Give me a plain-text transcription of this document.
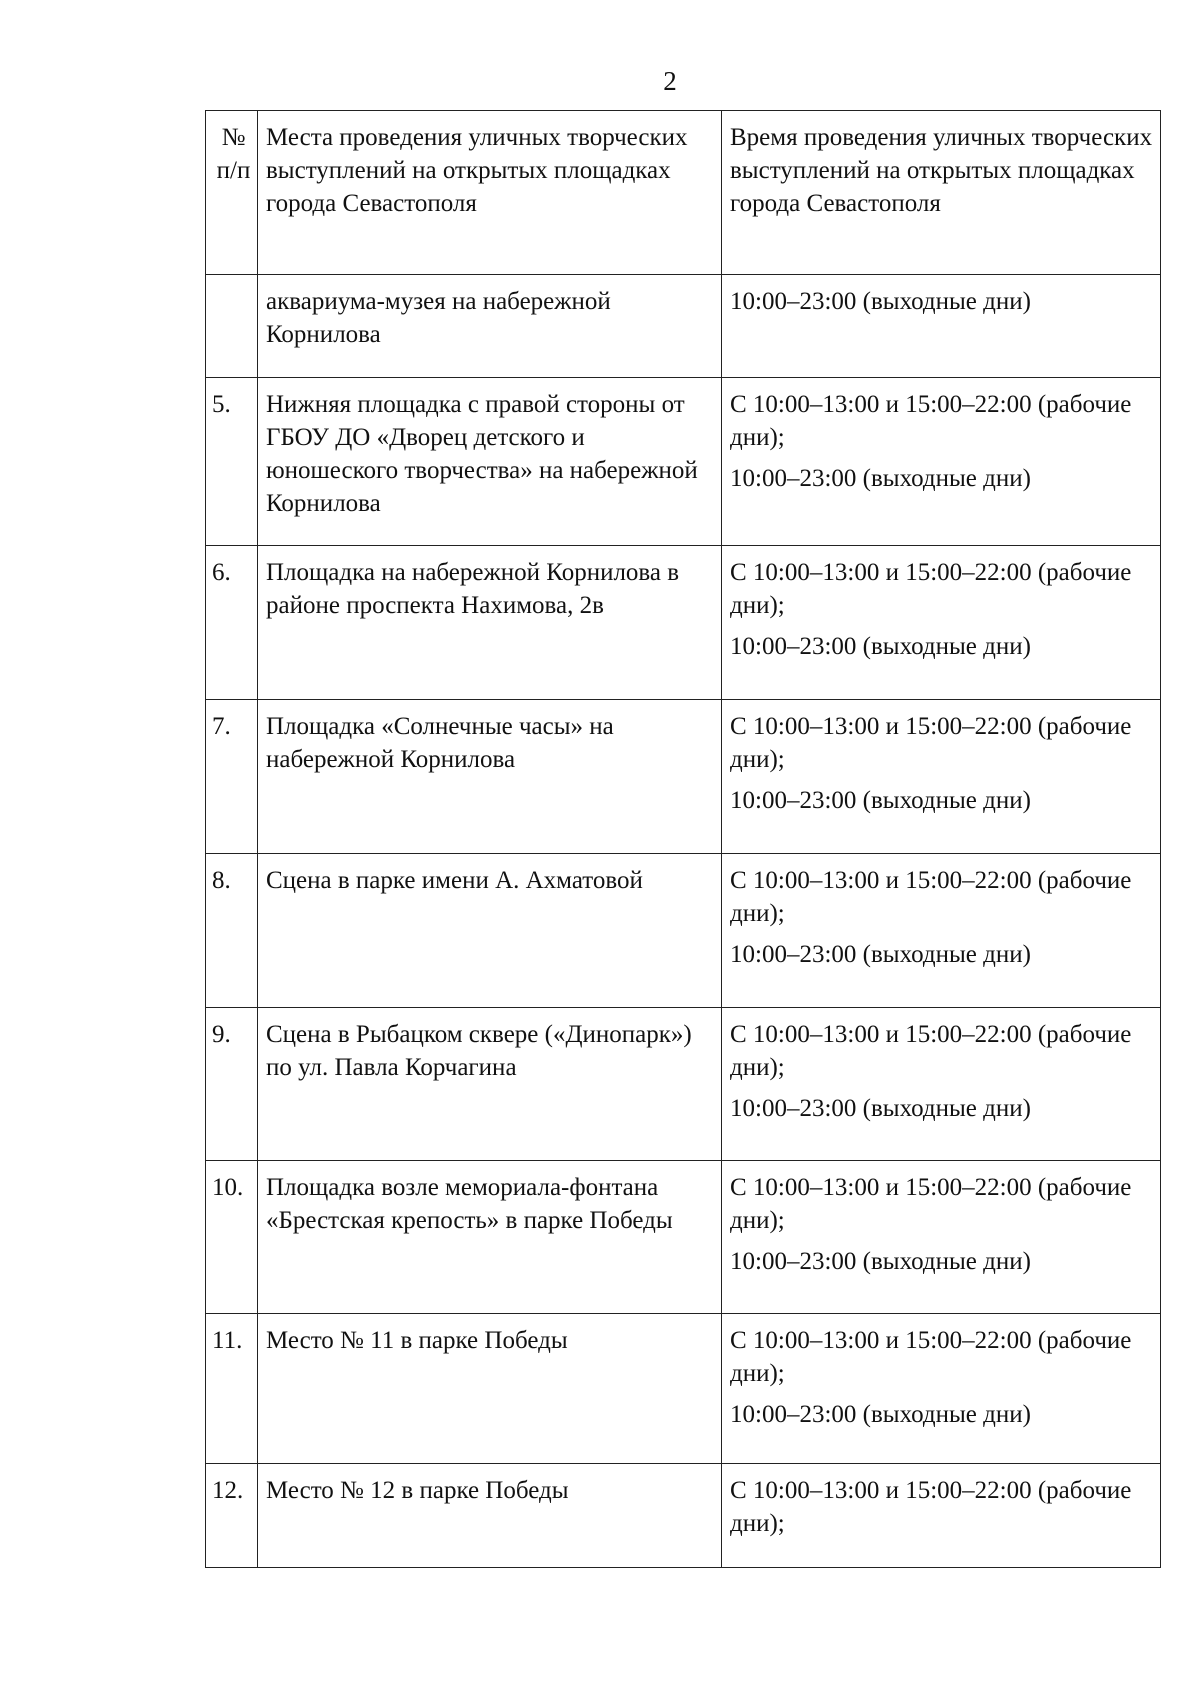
2
№ п/п	Места проведения уличных творческих выступлений на открытых площадках города Севастополя	Время проведения уличных творческих выступлений на открытых площадках города Севастополя
	аквариума-музея на набережной Корнилова	10:00–23:00 (выходные дни)

5.	Нижняя площадка с правой стороны от ГБОУ ДО «Дворец детского и юношеского творчества» на набережной Корнилова	С 10:00–13:00 и 15:00–22:00 (рабочие дни);
10:00–23:00 (выходные дни)

6.	Площадка на набережной Корнилова в районе проспекта Нахимова, 2в	С 10:00–13:00 и 15:00–22:00 (рабочие дни);
10:00–23:00 (выходные дни)

7.	Площадка «Солнечные часы» на набережной Корнилова	С 10:00–13:00 и 15:00–22:00 (рабочие дни);
10:00–23:00 (выходные дни)

8.	Сцена в парке имени А. Ахматовой	С 10:00–13:00 и 15:00–22:00 (рабочие дни);
10:00–23:00 (выходные дни)

9.	Сцена в Рыбацком сквере («Динопарк») по ул. Павла Корчагина	С 10:00–13:00 и 15:00–22:00 (рабочие дни);
10:00–23:00 (выходные дни)

10.	Площадка возле мемориала-фонтана «Брестская крепость» в парке Победы	С 10:00–13:00 и 15:00–22:00 (рабочие дни);
10:00–23:00 (выходные дни)

11.	Место № 11 в парке Победы	С 10:00–13:00 и 15:00–22:00 (рабочие дни);
10:00–23:00 (выходные дни)

12.	Место № 12 в парке Победы	С 10:00–13:00 и 15:00–22:00 (рабочие дни);
